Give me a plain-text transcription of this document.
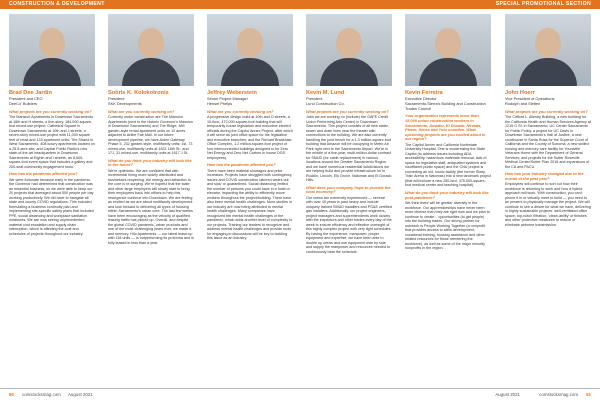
CONSTRUCTION & DEVELOPMENT	SPECIAL PROMOTIONAL SECTION
Brad Dee Jardin
President and CEO
DeeCo' Builders
What projects are you currently working on?
The Mansion Apartments in Downtown Sacramento at 16th and H streets, a five-story, 184,000-square-foot mixed-use project; Cathedral Square in Downtown Sacramento at 10th and J streets, a seven-story mixed-use project with 11,000 square feet of retail and 133 apartment units; The Strand in West Sacramento, 408 luxury apartments located on a 25.5-acre site; and Capital Public Radio's new state-of-the-art headquarters in Downtown Sacramento at Eighth and I streets, an 8,600-square-foot event space that includes a gallery and 200-seat community engagement room.
How has the pandemic affected you?
We were fortunate because early in the pandemic, the Governor had determined that construction was an essential business, so we were able to keep our 20 projects that averaged about 500 people per day working productively. We did have to navigate all state and county COVID regulations. This included formulating a business continuity plan and implementing site-specific safety plans that included PPE, social distancing and workplace sanitation measures. We are now seeing unprecedented material cost escalation and supply chain interruption, which is affecting the cost and schedules of projects throughout our industry.
Sotiris K. Kolokotronis
President
SKK Developments
What are you currently working on?
Currently under construction are The Mansion Apartments (next to the historic Governor's Mansion in Downtown Sacramento) and The Ridge, 489 garden-style rental apartment units on 12 acres adjacent to Antler Fair Mall. In our future development pipeline, we have Arden Gateway Phase II, 232 garden-style, multifamily units; 1st, 73 mixed-use, multifamily units at 1631 16th St.; and 17J, 31 mixed-use, multifamily units at 1617 J St.
What do you think your industry will look like in the future?
We're optimistic. We are confident that with incremental hiring more widely distributed and businesses reopening, the energy and attraction to the core is re-surging. We're hopeful that the state and other large employers will slowly start to bring their employees back into offices to help this resurgence continue into Downtown. We are feeling as excited as we are about multifamily development and look forward to delivering all types of housing within Sacramento's urban core. The last few weeks have been encouraging as the velocity of qualified leasing traffic has picked up. Overall, and despite the global COVID pandemic, urban products and one of the most challenging years ever, we made it, and memory, Hilo Apartments — our latest lease-up with 118 units — is outperforming its proforma and is fully leased in less than a year.
Jeffrey Weberstein
Senior Project Manager
Hensel Phelps
What are you currently working on?
A progressive design-build at 10th and O streets, a 10-floor, 472,000-square-foot building that will temporarily house legislators and executive elected officials during the Capitol Annex Project, after which it will serve as joint office space for the legislative and executive branches; and the Richard Bradshaw Office Complex, 1.2 million-square-foot project of four interconnected buildings designed to be Zero Net Energy and Zero Net Carbon in house DGS employees).
How has the pandemic affected you?
There have been material shortages and price increases. Projects have struggled with contingency issues and COVID construction labored wears out and sick/ or quarantined. Social distancing limited the number of persons you could have in a hoist or elevator, impacting the ability to efficiently move workers throughout the project/building. There have also been mental health challenges. More studies in our industry are now being attributed to mental health challenges. Many companies have recognized the mental health challenges of the pandemic, which adds another level of complexity to our projects. Training our leaders to recognize and address mental health challenges and provide tools for engaging in discussions will be key to tackling this issue as an industry.
Kevin M. Lund
President
Lund Construction Co.
What projects are you currently working on?
Jobs we are working on (include) the GAFE Credit Union Performing Arts Center) in Downtown Sacramento. This project consists of all new water, sewer and drain lines near the theater with connections to the building. We are also currently handling the joint trench for a 1.3 million-square-foot building that Amazon will be occupying in Metro Air Park right next to the Sacramento Airport. We're in the middle of a five-year, multi-million-dollar contract for SMUD (for cable replacement) in various locations around the Greater Sacramento Region and we have numerous residential subdivisions we are helping build and provide infrastructure for in Rocklin, Lincoln, Elk Grove, Natomas and El Dorado Hills.
What does your company hope to provide the local economy?
Our crews are extremely experienced — several with over 40 years in past heavy and include uniquely trained SMUD installers and PG&E certified gas installers. Additionally, our project engineers, project managers and superintendents work closely with the inspectors and other trades every day of the week to ensure efficiency and effective oversight of this highly complex project with very tight schedules. By having the experience, manpower, proper equipment and expertise, we have been able to double up crews and use equipment side by side and supply the manpower and resources needed to continuously beat the schedule.
Kevin Ferreira
Executive Director
Sacramento-Sierra's Building and Construction Trades Council
Your organization represents more than 15,000 union construction workers in Sacramento, Amador, El Dorado, Nevada, Placer, Sierra and Yolo counties. What upcoming projects are you excited about in our region?
The Capitol Annex and California Northstate University Hospital. One is modernizing the State Capitol (to address issues including ADA accessibility, hazardous materials removal, lack of space for legislative staff, antiquated systems and insufficient public space) and the CNU project is converting an old, iconic facility (the former Sleep Train Arena in Natomas) into a new landmark project (that will include a new 250-bed, 475,000-square-foot medical center and teaching hospital).
What do you think your industry will look like post-pandemic?
We think there will be greater diversity in the workforce. Our apprenticeships have never been more diverse than they are right now and we plan to continue to create... opportunities (to get people) into the building trades. Our strong partner for outreach is People Working Together (a nonprofit that provides access to skills development, vocational training, housing assistance and other related resources for those reentering the workforce), as well as some of the major minority nonprofits in the region.
John Hoerr
Vice President of Operations
Rudolph and Sletten
What projects are you currently working on?
The Clifford L. Allenby Building, a new building for the California Health and Human Services Agency at 1215 O St. in Sacramento; UC Center Sacramento for Public Policy, a project for UC Davis in Downtown Sacramento's Hall of Justice, a new courthouse in Santa Rosa for the Superior Court of California and the County of Sonoma; a new skilled nursing and memory care facility for Yountville Veterans Home with the Department of General Services; and projects for the Sutter Roseville Medical Center/Sutter Plan 2016 and expansions of the CA and PACU.
How has your industry changed due to the events of the past year?
Employees will continue to sort out how their workforce is returning to work and how a hybrid approach will work. With construction, you can't phone it in or virtually meet to build — you need to be present to physically manage the project. We will continue to see a desire for what we have, delivering in highly sustainable projects: well-ventilated office space, top-notch filtration, 'clean-ability' of finishes and other protective measures to reduce or eliminate airborne transmission.
50 comstocksmag.com August 2021	August 2021	comstocksmag.com 51
